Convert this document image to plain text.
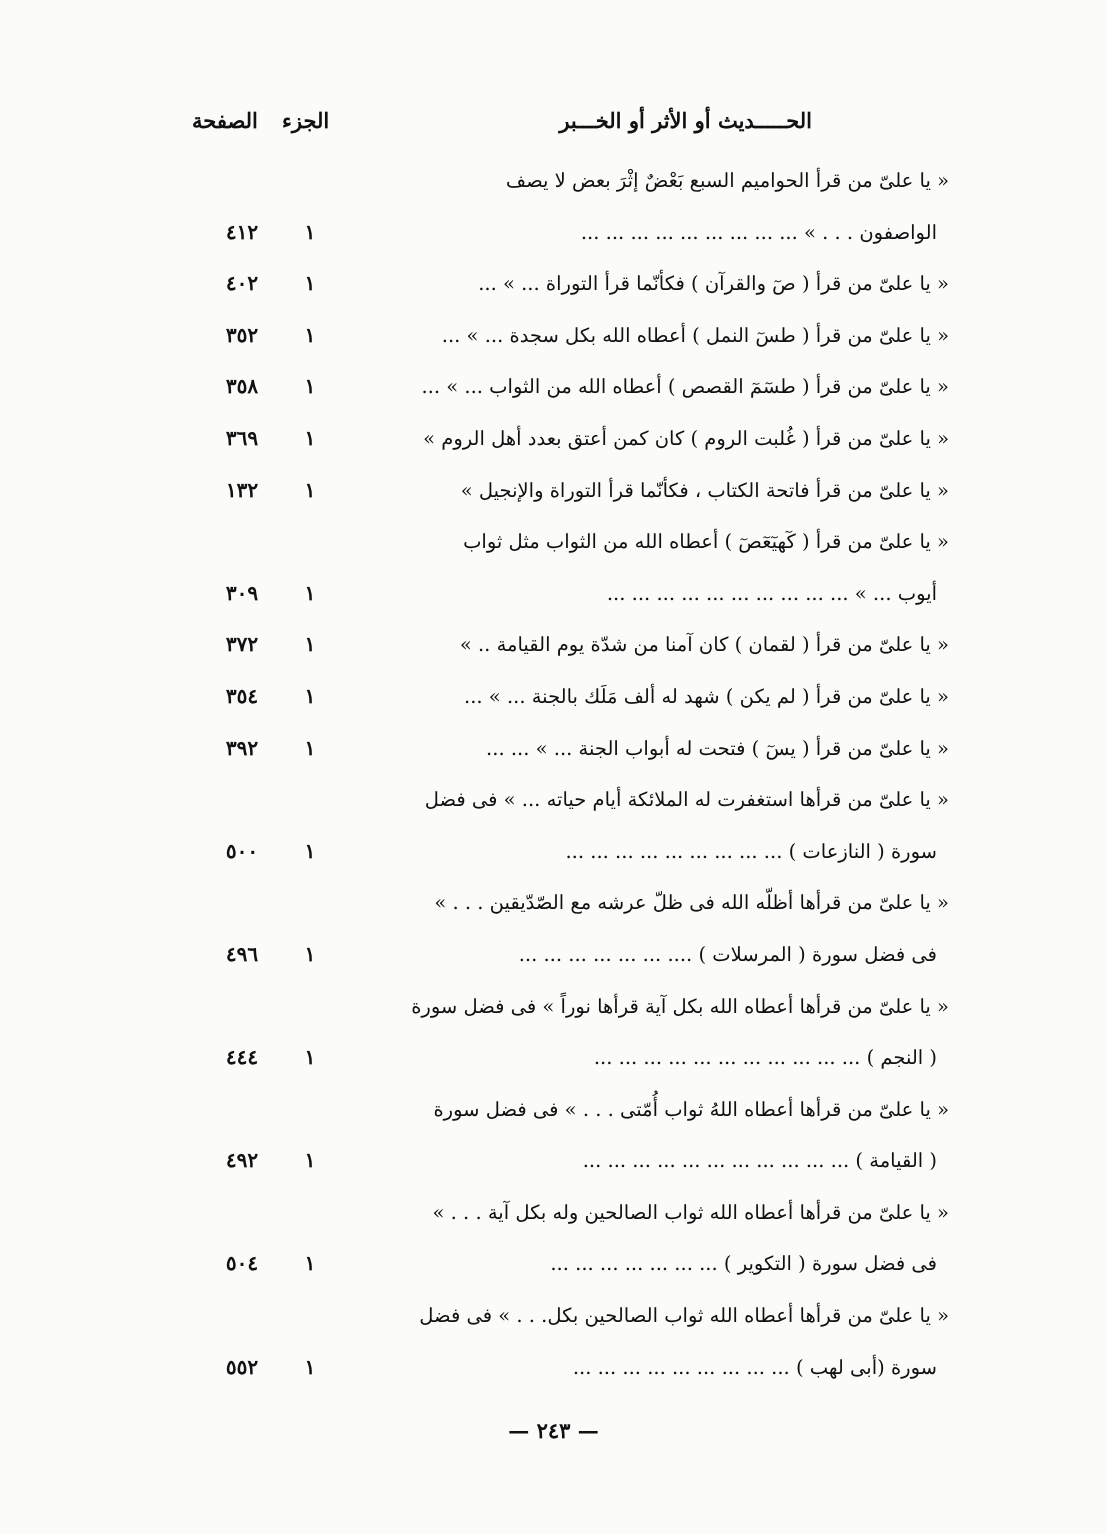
الحـــــديث أو الأثر أو الخـــبر
الجزء
الصفحة
« يا علىّ من قرأ الحواميم السبع بَعْضٌ إثْرَ بعض لا يصف
الواصفون . . . » ... ... ... ... ... ... ... ... ...
١
٤١٢
« يا علىّ من قرأ ( صٓ والقرآن ) فكأنّما قرأ التوراة ... » ...
١
٤٠٢
« يا علىّ من قرأ ( طسٓ النمل ) أعطاه الله بكل سجدة ... » ...
١
٣٥٢
« يا علىّ من قرأ ( طسٓمٓ القصص ) أعطاه الله من الثواب ... » ...
١
٣٥٨
« يا علىّ من قرأ ( غُلبت الروم ) كان كمن أعتق بعدد أهل الروم »
١
٣٦٩
« يا علىّ من قرأ فاتحة الكتاب ، فكأنّما قرأ التوراة والإنجيل »
١
١٣٢
« يا علىّ من قرأ ( كٓهيٓعٓصٓ ) أعطاه الله من الثواب مثل ثواب
أيوب ... » ... ... ... ... ... ... ... ... ... ...
١
٣٠٩
« يا علىّ من قرأ ( لقمان ) كان آمنا من شدّة يوم القيامة .. »
١
٣٧٢
« يا علىّ من قرأ ( لم يكن ) شهد له ألف مَلَك بالجنة ... » ...
١
٣٥٤
« يا علىّ من قرأ ( يسٓ ) فتحت له أبواب الجنة ... » ... ...
١
٣٩٢
« يا علىّ من قرأها استغفرت له الملائكة أيام حياته ... » فى فضل
سورة ( النازعات ) ... ... ... ... ... ... ... ... ...
١
٥٠٠
« يا علىّ من قرأها أظلّه الله فى ظلّ عرشه مع الصّدّيقين . . . »
فى فضل سورة ( المرسلات ) .... ... ... ... ... ... ...
١
٤٩٦
« يا علىّ من قرأها أعطاه الله بكل آية قرأها نوراً » فى فضل سورة
( النجم ) ... ... ... ... ... ... ... ... ... ... ...
١
٤٤٤
« يا علىّ من قرأها أعطاه اللهُ ثواب أُمّتى . . . » فى فضل سورة
( القيامة ) ... ... ... ... ... ... ... ... ... ... ...
١
٤٩٢
« يا علىّ من قرأها أعطاه الله ثواب الصالحين وله بكل آية . . . »
فى فضل سورة ( التكوير ) ... ... ... ... ... ... ...
١
٥٠٤
« يا علىّ من قرأها أعطاه الله ثواب الصالحين بكل. . . » فى فضل
سورة (أبى لهب ) ... ... ... ... ... ... ... ... ...
١
٥٥٢
— ٢٤٣ —
